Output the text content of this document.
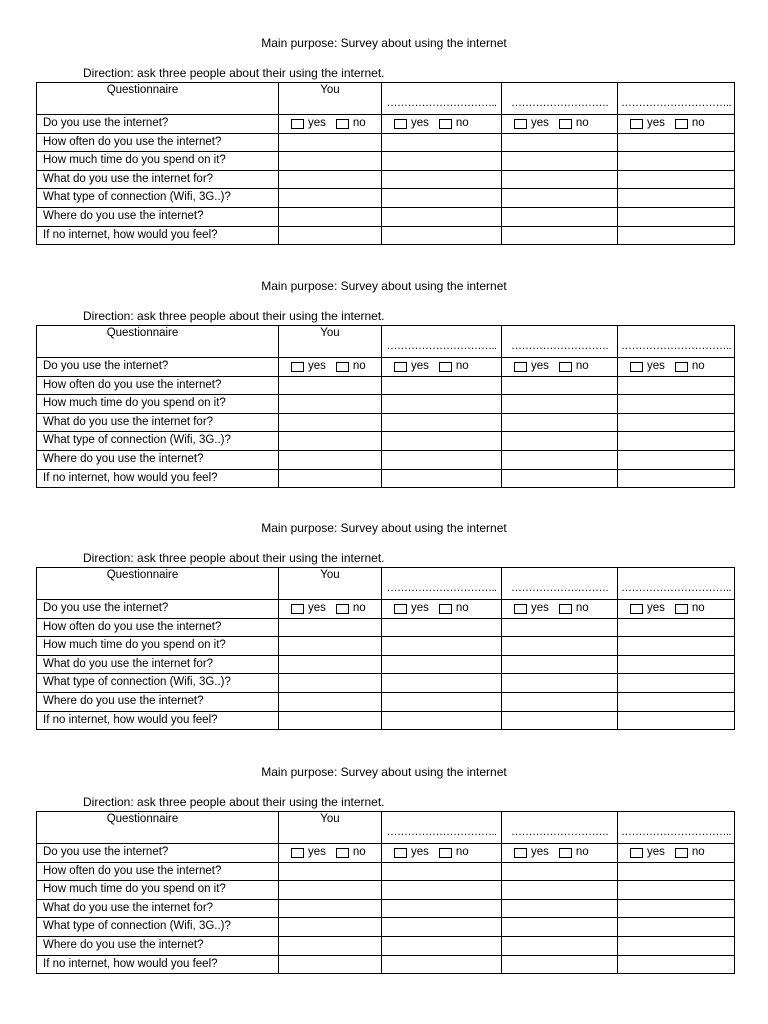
Main purpose: Survey about using the internet
Direction: ask three people about their using the internet.
Questionnaire	You	…………………………..	……………………….	…………………………..

Do you use the internet?	yes no	yes no	yes no	yes no

How often do you use the internet?				
How much time do you spend on it?				
What do you use the internet for?				
What type of connection (Wifi, 3G..)?				
Where do you use the internet?				
If no internet, how would you feel?				
Main purpose: Survey about using the internet
Direction: ask three people about their using the internet.
Questionnaire	You	…………………………..	……………………….	…………………………..

Do you use the internet?	yes no	yes no	yes no	yes no

How often do you use the internet?				
How much time do you spend on it?				
What do you use the internet for?				
What type of connection (Wifi, 3G..)?				
Where do you use the internet?				
If no internet, how would you feel?				
Main purpose: Survey about using the internet
Direction: ask three people about their using the internet.
Questionnaire	You	…………………………..	……………………….	…………………………..

Do you use the internet?	yes no	yes no	yes no	yes no

How often do you use the internet?				
How much time do you spend on it?				
What do you use the internet for?				
What type of connection (Wifi, 3G..)?				
Where do you use the internet?				
If no internet, how would you feel?				
Main purpose: Survey about using the internet
Direction: ask three people about their using the internet.
Questionnaire	You	…………………………..	……………………….	…………………………..

Do you use the internet?	yes no	yes no	yes no	yes no

How often do you use the internet?				
How much time do you spend on it?				
What do you use the internet for?				
What type of connection (Wifi, 3G..)?				
Where do you use the internet?				
If no internet, how would you feel?				
